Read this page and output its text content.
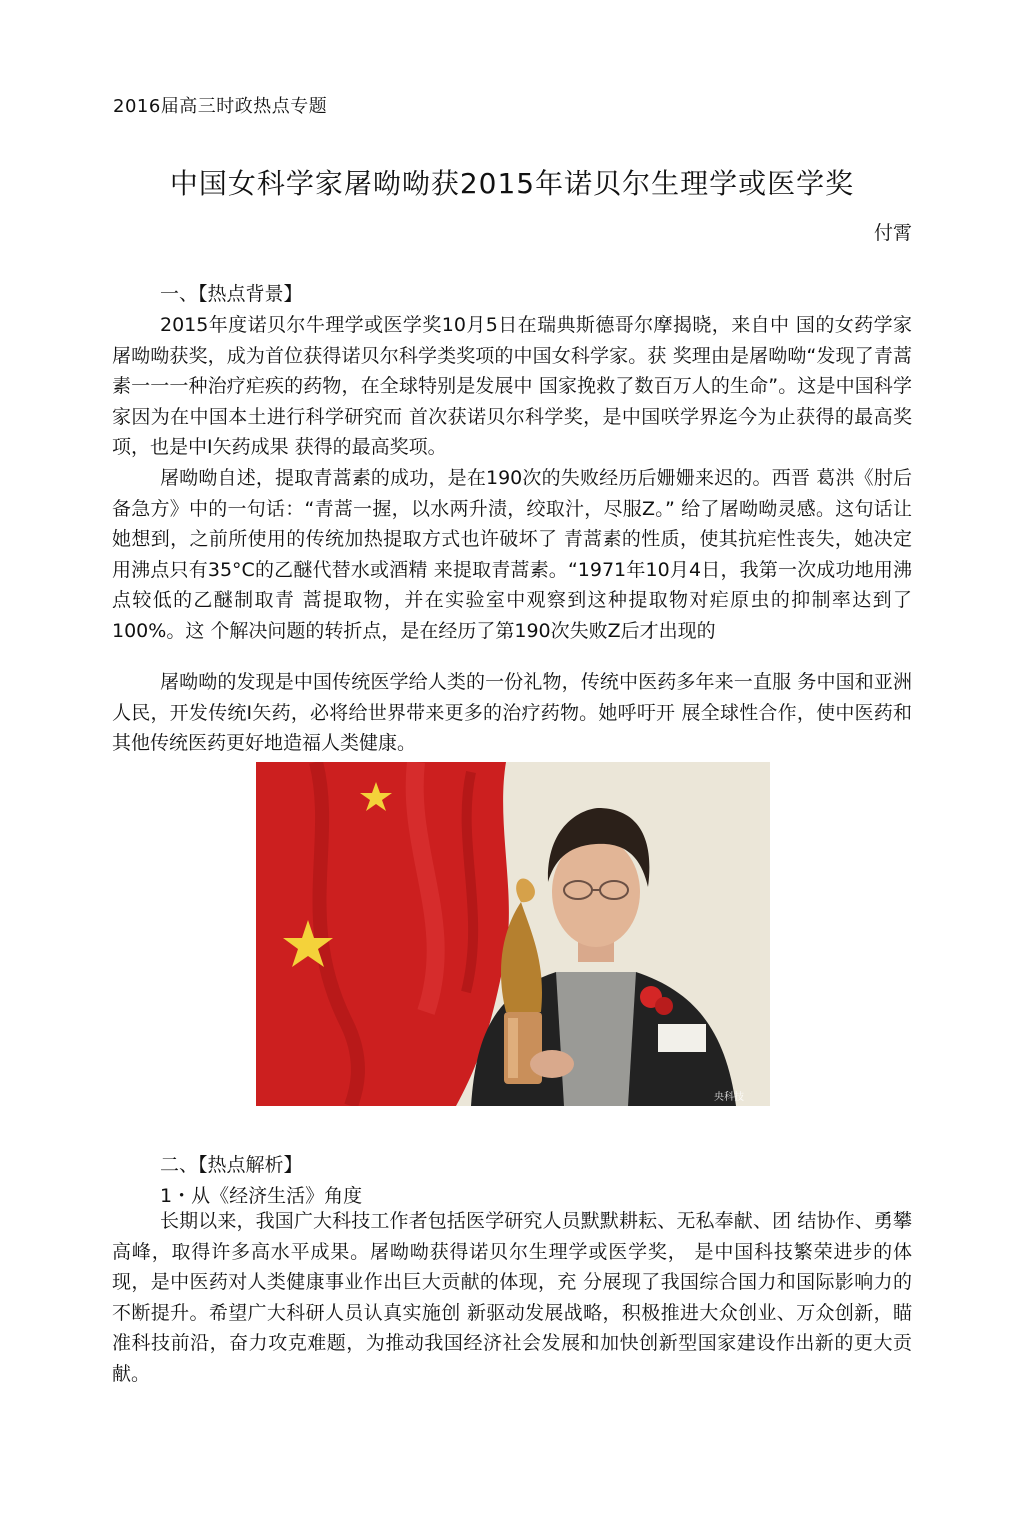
2016届高三时政热点专题
中国女科学家屠呦呦获2015年诺贝尔生理学或医学奖
付霄
一、【热点背景】

2015年度诺贝尔牛理学或医学奖10月5日在瑞典斯德哥尔摩揭晓，来自中 国的女药学家屠呦呦获奖，成为首位获得诺贝尔科学类奖项的中国女科学家。获 奖理由是屠呦呦“发现了青蒿素一一一种治疗疟疾的药物，在全球特别是发展中 国家挽救了数百万人的生命”。这是中国科学家因为在中国本土进行科学研究而 首次获诺贝尔科学奖，是中国咲学界迄今为止获得的最高奖项，也是中I矢药成果 获得的最高奖项。

屠呦呦自述，提取青蒿素的成功，是在190次的失败经历后姗姗来迟的。西晋 葛洪《肘后备急方》中的一句话：“青蒿一握，以水两升渍，绞取汁，尽服Z。” 给了屠呦呦灵感。这句话让她想到，之前所使用的传统加热提取方式也许破坏了 青蒿素的性质，使其抗疟性丧失，她决定用沸点只有35°C的乙醚代替水或酒精 来提取青蒿素。“1971年10月4日，我第一次成功地用沸点较低的乙醚制取青 蒿提取物，并在实验室中观察到这种提取物对疟原虫的抑制率达到了 100%。这 个解决问题的转折点，是在经历了第190次失败Z后才出现的

屠呦呦的发现是中国传统医学给人类的一份礼物，传统中医药多年来一直服 务中国和亚洲人民，开发传统I矢药，必将给世界带来更多的治疗药物。她呼吁开 展全球性合作，使中医药和其他传统医药更好地造福人类健康。

央科技
二、【热点解析】
1・从《经济生活》角度

长期以来，我国广大科技工作者包括医学研究人员默默耕耘、无私奉献、团 结协作、勇攀高峰，取得许多高水平成果。屠呦呦获得诺贝尔生理学或医学奖， 是中国科技繁荣进步的体现，是中医药对人类健康事业作出巨大贡献的体现，充 分展现了我国综合国力和国际影响力的不断提升。希望广大科研人员认真实施创 新驱动发展战略，积极推进大众创业、万众创新，瞄准科技前沿，奋力攻克难题，为推动我国经济社会发展和加快创新型国家建设作出新的更大贡献。
